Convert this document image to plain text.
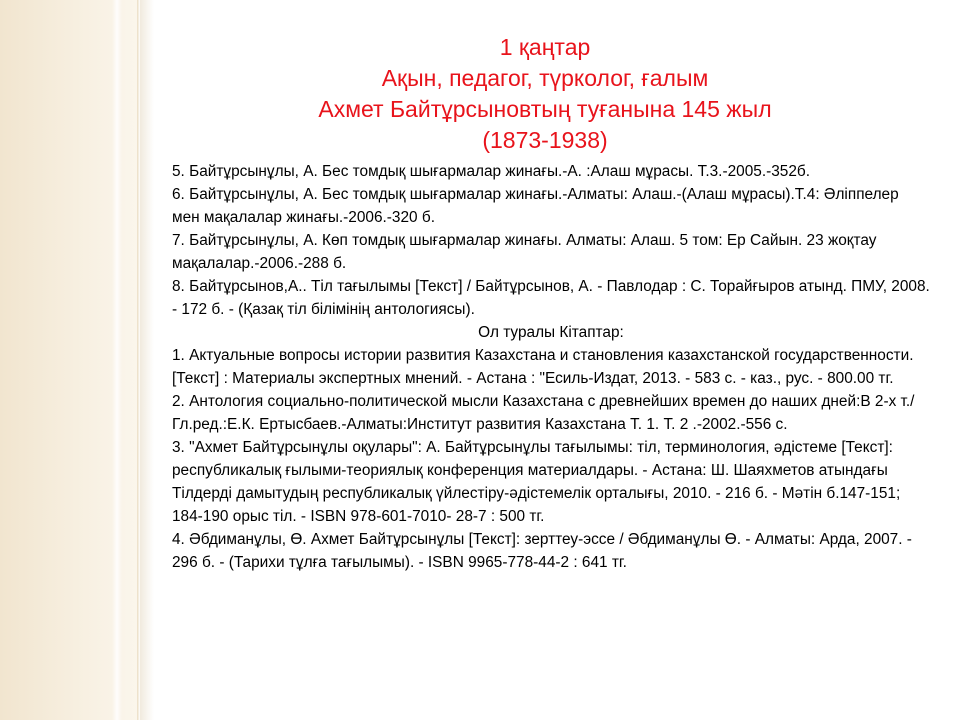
1 қаңтар
Ақын, педагог, түрколог, ғалым
Ахмет Байтұрсыновтың туғанына 145 жыл
(1873-1938)

5. Байтұрсынұлы, А. Бес томдық шығармалар жинағы.-А. :Алаш мұрасы. Т.3.-2005.-352б.

6. Байтұрсынұлы, А. Бес томдық шығармалар жинағы.-Алматы: Алаш.-(Алаш мұрасы).Т.4: Әліппелер мен мақалалар жинағы.-2006.-320 б.

7. Байтұрсынұлы, А. Көп томдық шығармалар жинағы. Алматы: Алаш. 5 том: Ер Сайын. 23 жоқтау мақалалар.-2006.-288 б.

8. Байтұрсынов,А.. Тіл тағылымы [Текст] / Байтұрсынов, А. - Павлодар : С. Торайғыров атынд. ПМУ, 2008. - 172 б. - (Қазақ тіл білімінің антологиясы).

Ол туралы Кітаптар:

1. Актуальные вопросы истории развития Казахстана и становления казахстанской государственности. [Текст] : Материалы экспертных мнений. - Астана : "Есиль-Издат, 2013. - 583 с. - каз., рус. - 800.00 тг.

2. Антология социально-политической мысли Казахстана с древнейших времен до наших дней:В 2-х т./Гл.ред.:Е.К. Ертысбаев.-Алматы:Институт развития Казахстана Т. 1. Т. 2 .-2002.-556 с.

3. "Ахмет Байтұрсынұлы оқулары": А. Байтұрсынұлы тағылымы: тіл, терминология, әдістеме [Текст]: республикалық ғылыми-теориялық конференция материалдары. - Астана: Ш. Шаяхметов атындағы Тілдерді дамытудың республикалық үйлестіру-әдістемелік орталығы, 2010. - 216 б. - Мәтін б.147-151; 184-190 орыс тіл. - ISBN 978-601-7010- 28-7 : 500 тг.

4. Әбдиманұлы, Ө. Ахмет Байтұрсынұлы [Текст]: зерттеу-эссе / Әбдиманұлы Ө. - Алматы: Арда, 2007. - 296 б. - (Тарихи тұлға тағылымы). - ISBN 9965-778-44-2 : 641 тг.
